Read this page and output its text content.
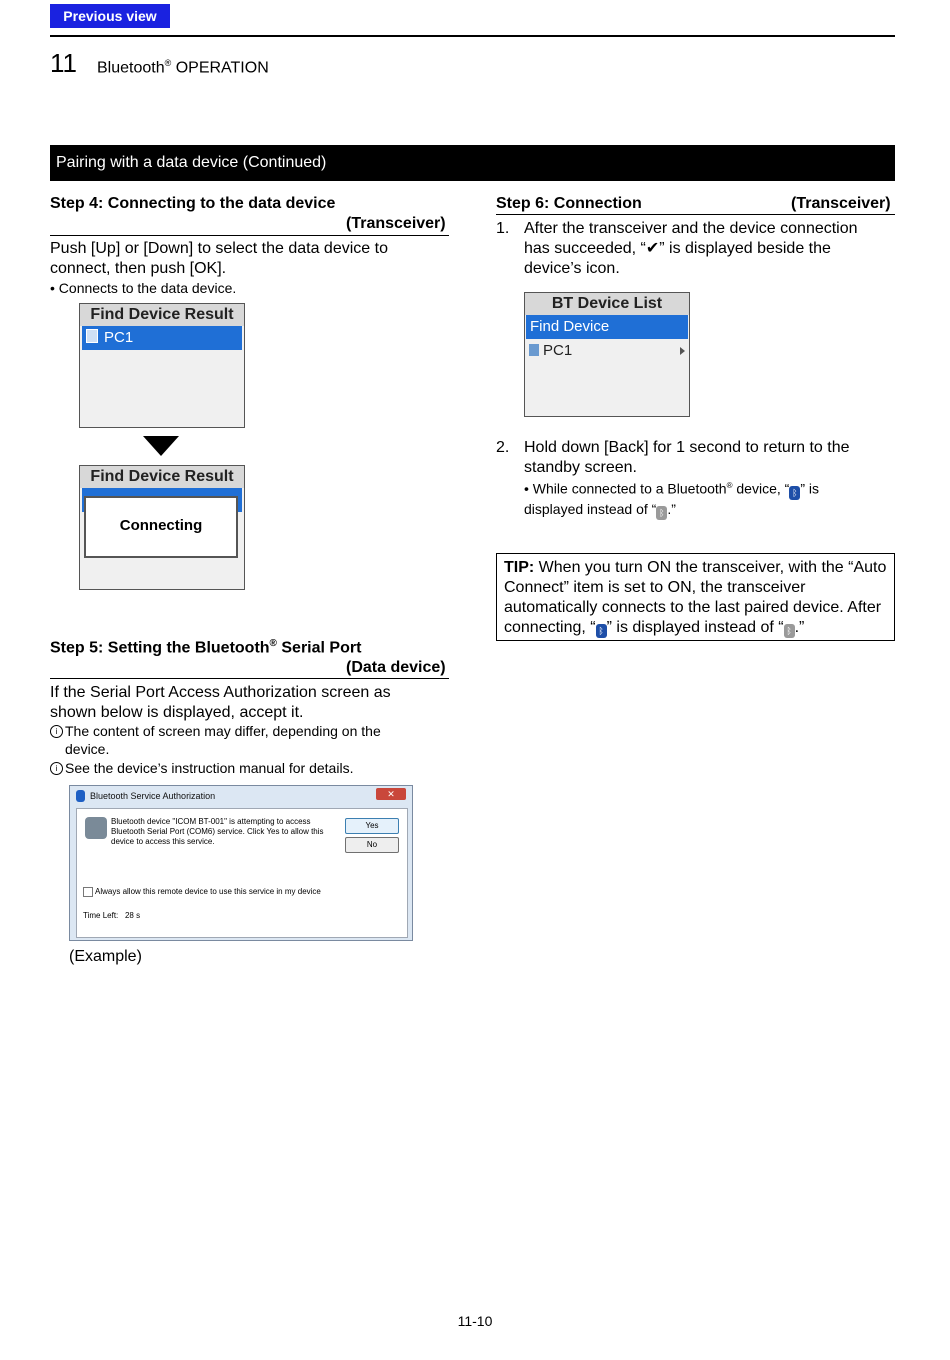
Previous view
11 Bluetooth® OPERATION
Pairing with a data device (Continued)
Step 4: Connecting to the data device
(Transceiver)
Push [Up] or [Down] to select the data device to connect, then push [OK].
• Connects to the data device.
Find Device Result
PC1
Find Device Result
Connecting
Step 5: Setting the Bluetooth® Serial Port
(Data device)
If the Serial Port Access Authorization screen as shown below is displayed, accept it.
i The content of screen may differ, depending on the device.
i See the device’s instruction manual for details.
Bluetooth Service Authorization	✕
Bluetooth device "ICOM BT-001" is attempting to access Bluetooth Serial Port (COM6) service. Click Yes to allow this device to access this service.
Yes
No
Always allow this remote device to use this service in my device
Time Left: 28 s
(Example)
Step 6: Connection	(Transceiver)
1. After the transceiver and the device connection has succeeded, “✔” is displayed beside the device’s icon.
BT Device List
Find Device
PC1
2. Hold down [Back] for 1 second to return to the standby screen.
• While connected to a Bluetooth® device, “ ᛒ ” is displayed instead of “ ᛒ .”
TIP: When you turn ON the transceiver, with the “Auto Connect” item is set to ON, the transceiver automatically connects to the last paired device. After connecting, “ ᛒ ” is displayed instead of “ ᛒ .”
11-10
